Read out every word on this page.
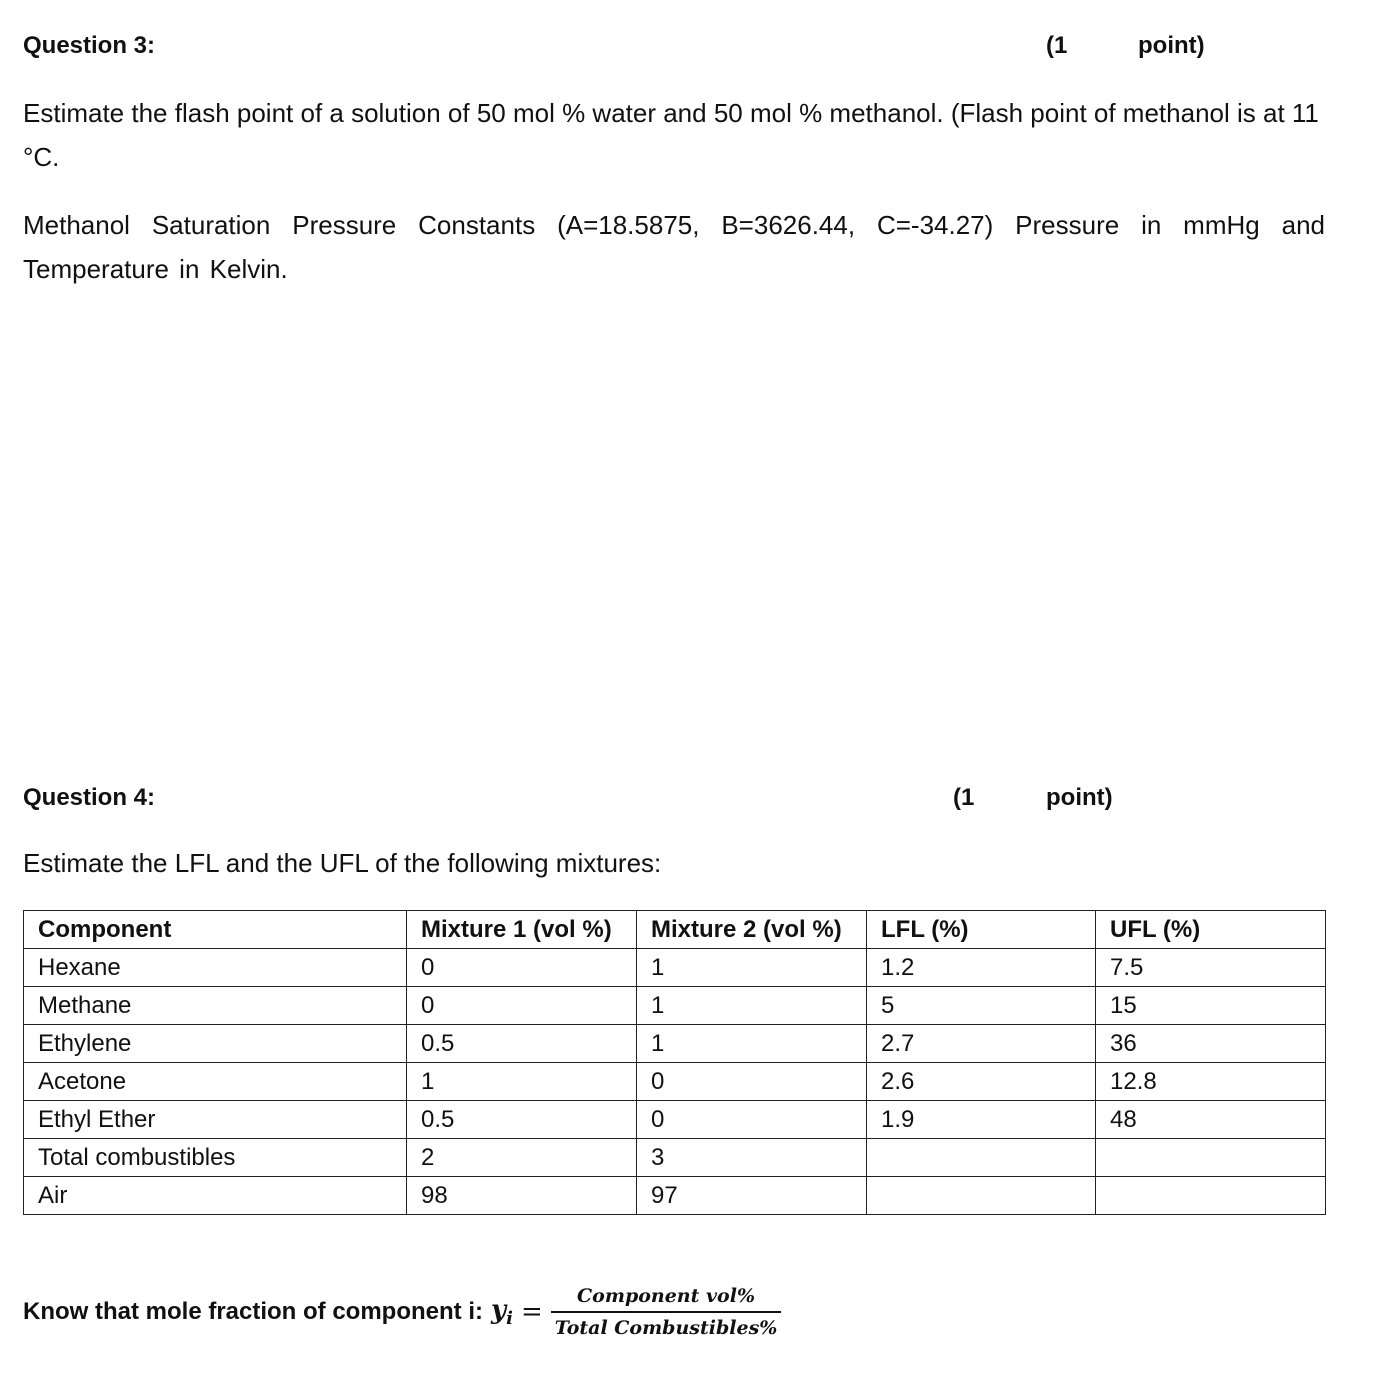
Question 3:	(1	point)
Estimate the flash point of a solution of 50 mol % water and 50 mol % methanol. (Flash point of methanol is at 11 °C.
Methanol Saturation Pressure Constants (A=18.5875, B=3626.44, C=-34.27) Pressure in mmHg and Temperature in Kelvin.
Question 4:	(1	point)
Estimate the LFL and the UFL of the following mixtures:
Component	Mixture 1 (vol %)	Mixture 2 (vol %)	LFL (%)	UFL (%)
Hexane	0	1	1.2	7.5
Methane	0	1	5	15
Ethylene	0.5	1	2.7	36
Acetone	1	0	2.6	12.8
Ethyl Ether	0.5	0	1.9	48
Total combustibles	2	3		
Air	98	97		
Know that mole fraction of component i: $y_i = \frac{\text{Component vol\%}}{\text{Total Combustibles\%}}$
